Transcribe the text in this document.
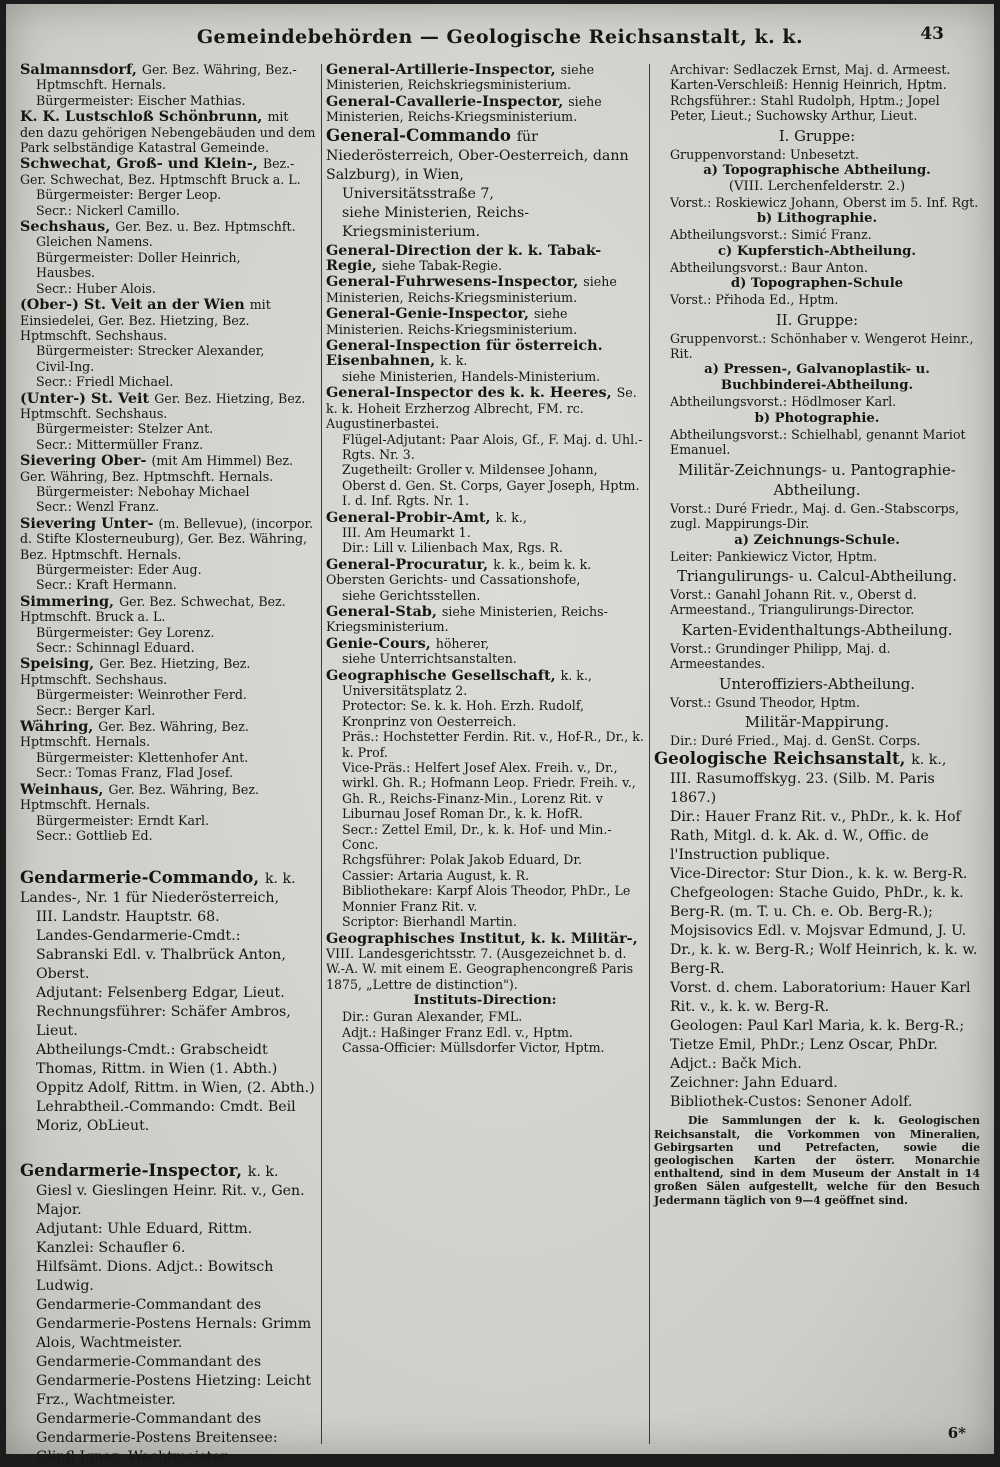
Gemeindebehörden — Geologische Reichsanstalt, k. k.	43
Salmannsdorf, Ger. Bez. Währing, Bez.-
Hptmschft. Hernals.
Bürgermeister: Eischer Mathias.
K. K. Lustschloß Schönbrunn, mit den dazu gehörigen Nebengebäuden und dem Park selbständige Katastral Gemeinde.
Schwechat, Groß- und Klein-, Bez.-Ger. Schwechat, Bez. Hptmschft Bruck a. L.
Bürgermeister: Berger Leop.
Secr.: Nickerl Camillo.
Sechshaus, Ger. Bez. u. Bez. Hptmschft.
Gleichen Namens.
Bürgermeister: Doller Heinrich,
Hausbes.
Secr.: Huber Alois.
(Ober-) St. Veit an der Wien mit Einsiedelei, Ger. Bez. Hietzing, Bez. Hptmschft. Sechshaus.
Bürgermeister: Strecker Alexander,
Civil-Ing.
Secr.: Friedl Michael.
(Unter-) St. Veit Ger. Bez. Hietzing, Bez. Hptmschft. Sechshaus.
Bürgermeister: Stelzer Ant.
Secr.: Mittermüller Franz.
Sievering Ober- (mit Am Himmel) Bez. Ger. Währing, Bez. Hptmschft. Hernals.
Bürgermeister: Nebohay Michael
Secr.: Wenzl Franz.
Sievering Unter- (m. Bellevue), (incorpor. d. Stifte Klosterneuburg), Ger. Bez. Währing, Bez. Hptmschft. Hernals.
Bürgermeister: Eder Aug.
Secr.: Kraft Hermann.
Simmering, Ger. Bez. Schwechat, Bez. Hptmschft. Bruck a. L.
Bürgermeister: Gey Lorenz.
Secr.: Schinnagl Eduard.
Speising, Ger. Bez. Hietzing, Bez. Hptmschft. Sechshaus.
Bürgermeister: Weinrother Ferd.
Secr.: Berger Karl.
Währing, Ger. Bez. Währing, Bez. Hptmschft. Hernals.
Bürgermeister: Klettenhofer Ant.
Secr.: Tomas Franz, Flad Josef.
Weinhaus, Ger. Bez. Währing, Bez. Hptmschft. Hernals.
Bürgermeister: Erndt Karl.
Secr.: Gottlieb Ed.
Gendarmerie-Commando, k. k. Landes-, Nr. 1 für Niederösterreich,
III. Landstr. Hauptstr. 68.
Landes-Gendarmerie-Cmdt.: Sabranski Edl. v. Thalbrück Anton, Oberst.
Adjutant: Felsenberg Edgar, Lieut.
Rechnungsführer: Schäfer Ambros, Lieut.
Abtheilungs-Cmdt.: Grabscheidt Thomas, Rittm. in Wien (1. Abth.)
Oppitz Adolf, Rittm. in Wien, (2. Abth.)
Lehrabtheil.-Commando: Cmdt. Beil Moriz, ObLieut.
Gendarmerie-Inspector, k. k.
Giesl v. Gieslingen Heinr. Rit. v., Gen. Major.
Adjutant: Uhle Eduard, Rittm.
Kanzlei: Schaufler 6.
Hilfsämt. Dions. Adjct.: Bowitsch Ludwig.
Gendarmerie-Commandant des Gendarmerie-Postens Hernals: Grimm Alois, Wachtmeister.
Gendarmerie-Commandant des Gendarmerie-Postens Hietzing: Leicht Frz., Wachtmeister.
Gendarmerie-Commandant des Gendarmerie-Postens Breitensee: Glipfl Ignaz, Wachtmeister.
General-Artillerie-Inspector, siehe Ministerien, Reichskriegsministerium.
General-Cavallerie-Inspector, siehe Ministerien, Reichs-Kriegsministerium.
General-Commando für Niederösterreich, Ober-Oesterreich, dann Salzburg), in Wien,
Universitätsstraße 7,
siehe Ministerien, Reichs-Kriegsministerium.
General-Direction der k. k. Tabak-Regie, siehe Tabak-Regie.
General-Fuhrwesens-Inspector, siehe Ministerien, Reichs-Kriegsministerium.
General-Genie-Inspector, siehe Ministerien. Reichs-Kriegsministerium.
General-Inspection für österreich. Eisenbahnen, k. k.
siehe Ministerien, Handels-Ministerium.
General-Inspector des k. k. Heeres, Se. k. k. Hoheit Erzherzog Albrecht, FM. rc. Augustinerbastei.
Flügel-Adjutant: Paar Alois, Gf., F. Maj. d. Uhl.-Rgts. Nr. 3.
Zugetheilt: Groller v. Mildensee Johann, Oberst d. Gen. St. Corps, Gayer Joseph, Hptm. I. d. Inf. Rgts. Nr. 1.
General-Probir-Amt, k. k.,
III. Am Heumarkt 1.
Dir.: Lill v. Lilienbach Max, Rgs. R.
General-Procuratur, k. k., beim k. k. Obersten Gerichts- und Cassationshofe,
siehe Gerichtsstellen.
General-Stab, siehe Ministerien, Reichs-Kriegsministerium.
Genie-Cours, höherer,
siehe Unterrichtsanstalten.
Geographische Gesellschaft, k. k.,
Universitätsplatz 2.
Protector: Se. k. k. Hoh. Erzh. Rudolf, Kronprinz von Oesterreich.
Präs.: Hochstetter Ferdin. Rit. v., Hof-R., Dr., k. k. Prof.
Vice-Präs.: Helfert Josef Alex. Freih. v., Dr., wirkl. Gh. R.; Hofmann Leop. Friedr. Freih. v., Gh. R., Reichs-Finanz-Min., Lorenz Rit. v Liburnau Josef Roman Dr., k. k. HofR.
Secr.: Zettel Emil, Dr., k. k. Hof- und Min.-Conc.
Rchgsführer: Polak Jakob Eduard, Dr.
Cassier: Artaria August, k. R.
Bibliothekare: Karpf Alois Theodor, PhDr., Le Monnier Franz Rit. v.
Scriptor: Bierhandl Martin.
Geographisches Institut, k. k. Militär-, VIII. Landesgerichtsstr. 7. (Ausgezeichnet b. d. W.-A. W. mit einem E. Geographencongreß Paris 1875, „Lettre de distinction").
Instituts-Direction:
Dir.: Guran Alexander, FML.
Adjt.: Haßinger Franz Edl. v., Hptm.
Cassa-Officier: Müllsdorfer Victor, Hptm.
Archivar: Sedlaczek Ernst, Maj. d. Armeest.
Karten-Verschleiß: Hennig Heinrich, Hptm.
Rchgsführer.: Stahl Rudolph, Hptm.; Jopel Peter, Lieut.; Suchowsky Arthur, Lieut.
I. Gruppe:
Gruppenvorstand: Unbesetzt.
a) Topographische Abtheilung.
(VIII. Lerchenfelderstr. 2.)
Vorst.: Roskiewicz Johann, Oberst im 5. Inf. Rgt.
b) Lithographie.
Abtheilungsvorst.: Simić Franz.
c) Kupferstich-Abtheilung.
Abtheilungsvorst.: Baur Anton.
d) Topographen-Schule
Vorst.: Přihoda Ed., Hptm.
II. Gruppe:
Gruppenvorst.: Schönhaber v. Wengerot Heinr., Rit.
a) Pressen-, Galvanoplastik- u. Buchbinderei-Abtheilung.
Abtheilungsvorst.: Hödlmoser Karl.
b) Photographie.
Abtheilungsvorst.: Schielhabl, genannt Mariot Emanuel.
Militär-Zeichnungs- u. Pantographie-Abtheilung.
Vorst.: Duré Friedr., Maj. d. Gen.-Stabscorps, zugl. Mappirungs-Dir.
a) Zeichnungs-Schule.
Leiter: Pankiewicz Victor, Hptm.
Triangulirungs- u. Calcul-Abtheilung.
Vorst.: Ganahl Johann Rit. v., Oberst d. Armeestand., Triangulirungs-Director.
Karten-Evidenthaltungs-Abtheilung.
Vorst.: Grundinger Philipp, Maj. d. Armeestandes.
Unteroffiziers-Abtheilung.
Vorst.: Gsund Theodor, Hptm.
Militär-Mappirung.
Dir.: Duré Fried., Maj. d. GenSt. Corps.
Geologische Reichsanstalt, k. k.,
III. Rasumoffskyg. 23. (Silb. M. Paris 1867.)
Dir.: Hauer Franz Rit. v., PhDr., k. k. Hof Rath, Mitgl. d. k. Ak. d. W., Offic. de l'Instruction publique.
Vice-Director: Stur Dion., k. k. w. Berg-R.
Chefgeologen: Stache Guido, PhDr., k. k. Berg-R. (m. T. u. Ch. e. Ob. Berg-R.); Mojsisovics Edl. v. Mojsvar Edmund, J. U. Dr., k. k. w. Berg-R.; Wolf Heinrich, k. k. w. Berg-R.
Vorst. d. chem. Laboratorium: Hauer Karl Rit. v., k. k. w. Berg-R.
Geologen: Paul Karl Maria, k. k. Berg-R.; Tietze Emil, PhDr.; Lenz Oscar, PhDr.
Adjct.: Bačk Mich.
Zeichner: Jahn Eduard.
Bibliothek-Custos: Senoner Adolf.
Die Sammlungen der k. k. Geologischen Reichsanstalt, die Vorkommen von Mineralien, Gebirgsarten und Petrefacten, sowie die geologischen Karten der österr. Monarchie enthaltend, sind in dem Museum der Anstalt in 14 großen Sälen aufgestellt, welche für den Besuch Jedermann täglich von 9—4 geöffnet sind.
6*
